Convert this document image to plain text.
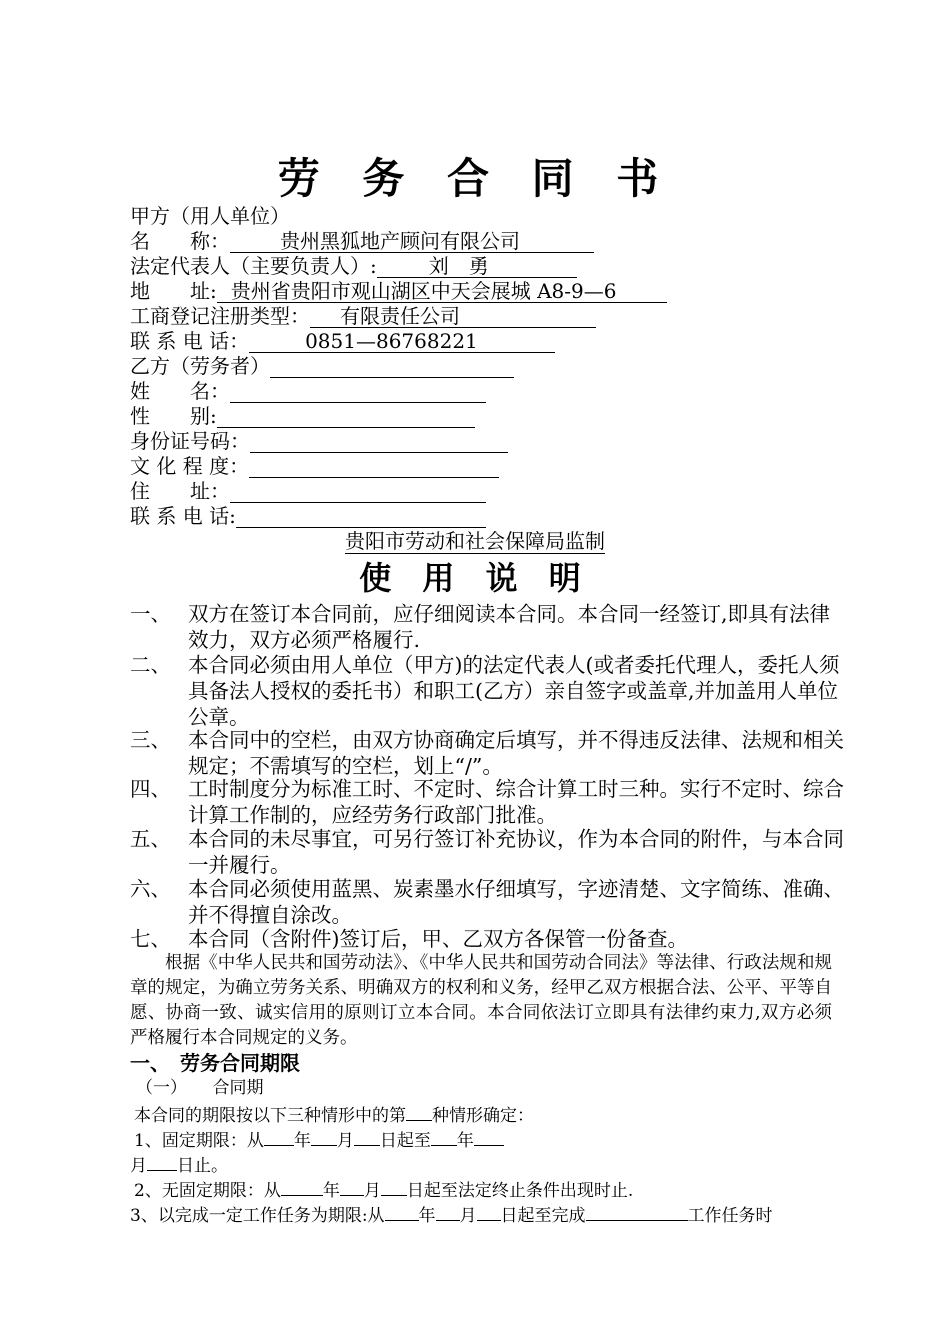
劳 务 合 同 书
甲方（用人单位）
名　　称：	贵州黑狐地产顾问有限公司
法定代表人（主要负责人）:	刘　勇
地　　址: 贵州省贵阳市观山湖区中天会展城 A8-9—6
工商登记注册类型： 有限责任公司
联 系 电 话：	0851—86768221
乙方（劳务者）
姓　　名：
性　　别:
身份证号码：
文 化 程 度：
住　　址：
联 系 电 话:
贵阳市劳动和社会保障局监制
使 用 说 明
一、 双方在签订本合同前，应仔细阅读本合同。本合同一经签订,即具有法律效力，双方必须严格履行.
二、 本合同必须由用人单位（甲方)的法定代表人(或者委托代理人，委托人须具备法人授权的委托书）和职工(乙方）亲自签字或盖章,并加盖用人单位公章。
三、 本合同中的空栏，由双方协商确定后填写，并不得违反法律、法规和相关规定；不需填写的空栏，划上“/”。
四、 工时制度分为标准工时、不定时、综合计算工时三种。实行不定时、综合计算工作制的，应经劳务行政部门批准。
五、 本合同的未尽事宜，可另行签订补充协议，作为本合同的附件，与本合同一并履行。
六、 本合同必须使用蓝黑、炭素墨水仔细填写，字迹清楚、文字简练、准确、并不得擅自涂改。
七、 本合同（含附件)签订后，甲、乙双方各保管一份备查。
根据《中华人民共和国劳动法》、《中华人民共和国劳动合同法》等法律、行政法规和规章的规定，为确立劳务关系、明确双方的权利和义务，经甲乙双方根据合法、公平、平等自愿、协商一致、诚实信用的原则订立本合同。本合同依法订立即具有法律约束力,双方必须严格履行本合同规定的义务。
一、　劳务合同期限
（一）　　合同期
本合同的期限按以下三种情形中的第 种情形确定：
1、固定期限：从 年 月 日起至 年
月 日止。
2、无固定期限：从 年 月 日起至法定终止条件出现时止.
3、以完成一定工作任务为期限:从 年 月 日起至完成	工作任务时
